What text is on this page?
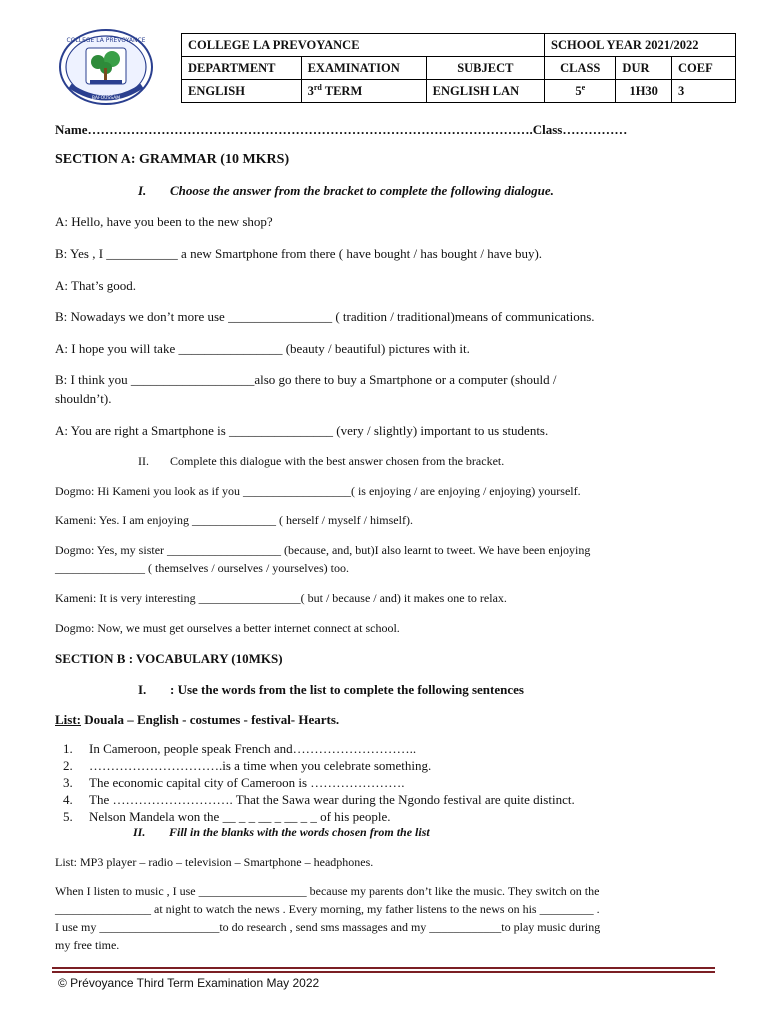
COLLEGE LA PREVOYANCE
BAFOUSSAM
COLLEGE LA PREVOYANCE			SCHOOL YEAR 2021/2022		
DEPARTMENT	EXAMINATION	SUBJECT	CLASS	DUR	COEF
ENGLISH	3rd TERM	ENGLISH LAN	5e	1H30	3
Name………………………………………………………………………………………….Class……………
SECTION A: GRAMMAR (10 MKRS)
I. Choose the answer from the bracket to complete the following dialogue.
A: Hello, have you been to the new shop?
B: Yes , I ___________ a new Smartphone from there ( have bought / has bought / have buy).
A: That’s good.
B: Nowadays we don’t more use ________________ ( tradition / traditional)means of communications.
A: I hope you will take ________________ (beauty / beautiful) pictures with it.
B: I think you ___________________also go there to buy a Smartphone or a computer (should /
shouldn’t).
A: You are right a Smartphone is ________________ (very / slightly) important to us students.
II. Complete this dialogue with the best answer chosen from the bracket.
Dogmo: Hi Kameni you look as if you __________________( is enjoying / are enjoying / enjoying) yourself.
Kameni: Yes. I am enjoying ______________ ( herself / myself / himself).
Dogmo: Yes, my sister ___________________ (because, and, but)I also learnt to tweet. We have been enjoying
_______________ ( themselves / ourselves / yourselves) too.
Kameni: It is very interesting _________________( but / because / and) it makes one to relax.
Dogmo: Now, we must get ourselves a better internet connect at school.
SECTION B : VOCABULARY (10MKS)
I. : Use the words from the list to complete the following sentences
List: Douala – English - costumes - festival- Hearts.
1. In Cameroon, people speak French and………………………..
2. ………………………….is a time when you celebrate something.
3. The economic capital city of Cameroon is ………………….
4. The ………………………. That the Sawa wear during the Ngondo festival are quite distinct.
5. Nelson Mandela won the __ _ _ __ _ __ _ _ of his people.
II. Fill in the blanks with the words chosen from the list
List: MP3 player – radio – television – Smartphone – headphones.
When I listen to music , I use __________________ because my parents don’t like the music. They switch on the
________________ at night to watch the news . Every morning, my father listens to the news on his _________ .
I use my ____________________to do research , send sms massages and my ____________to play music during
my free time.
© Prévoyance Third Term Examination May 2022
